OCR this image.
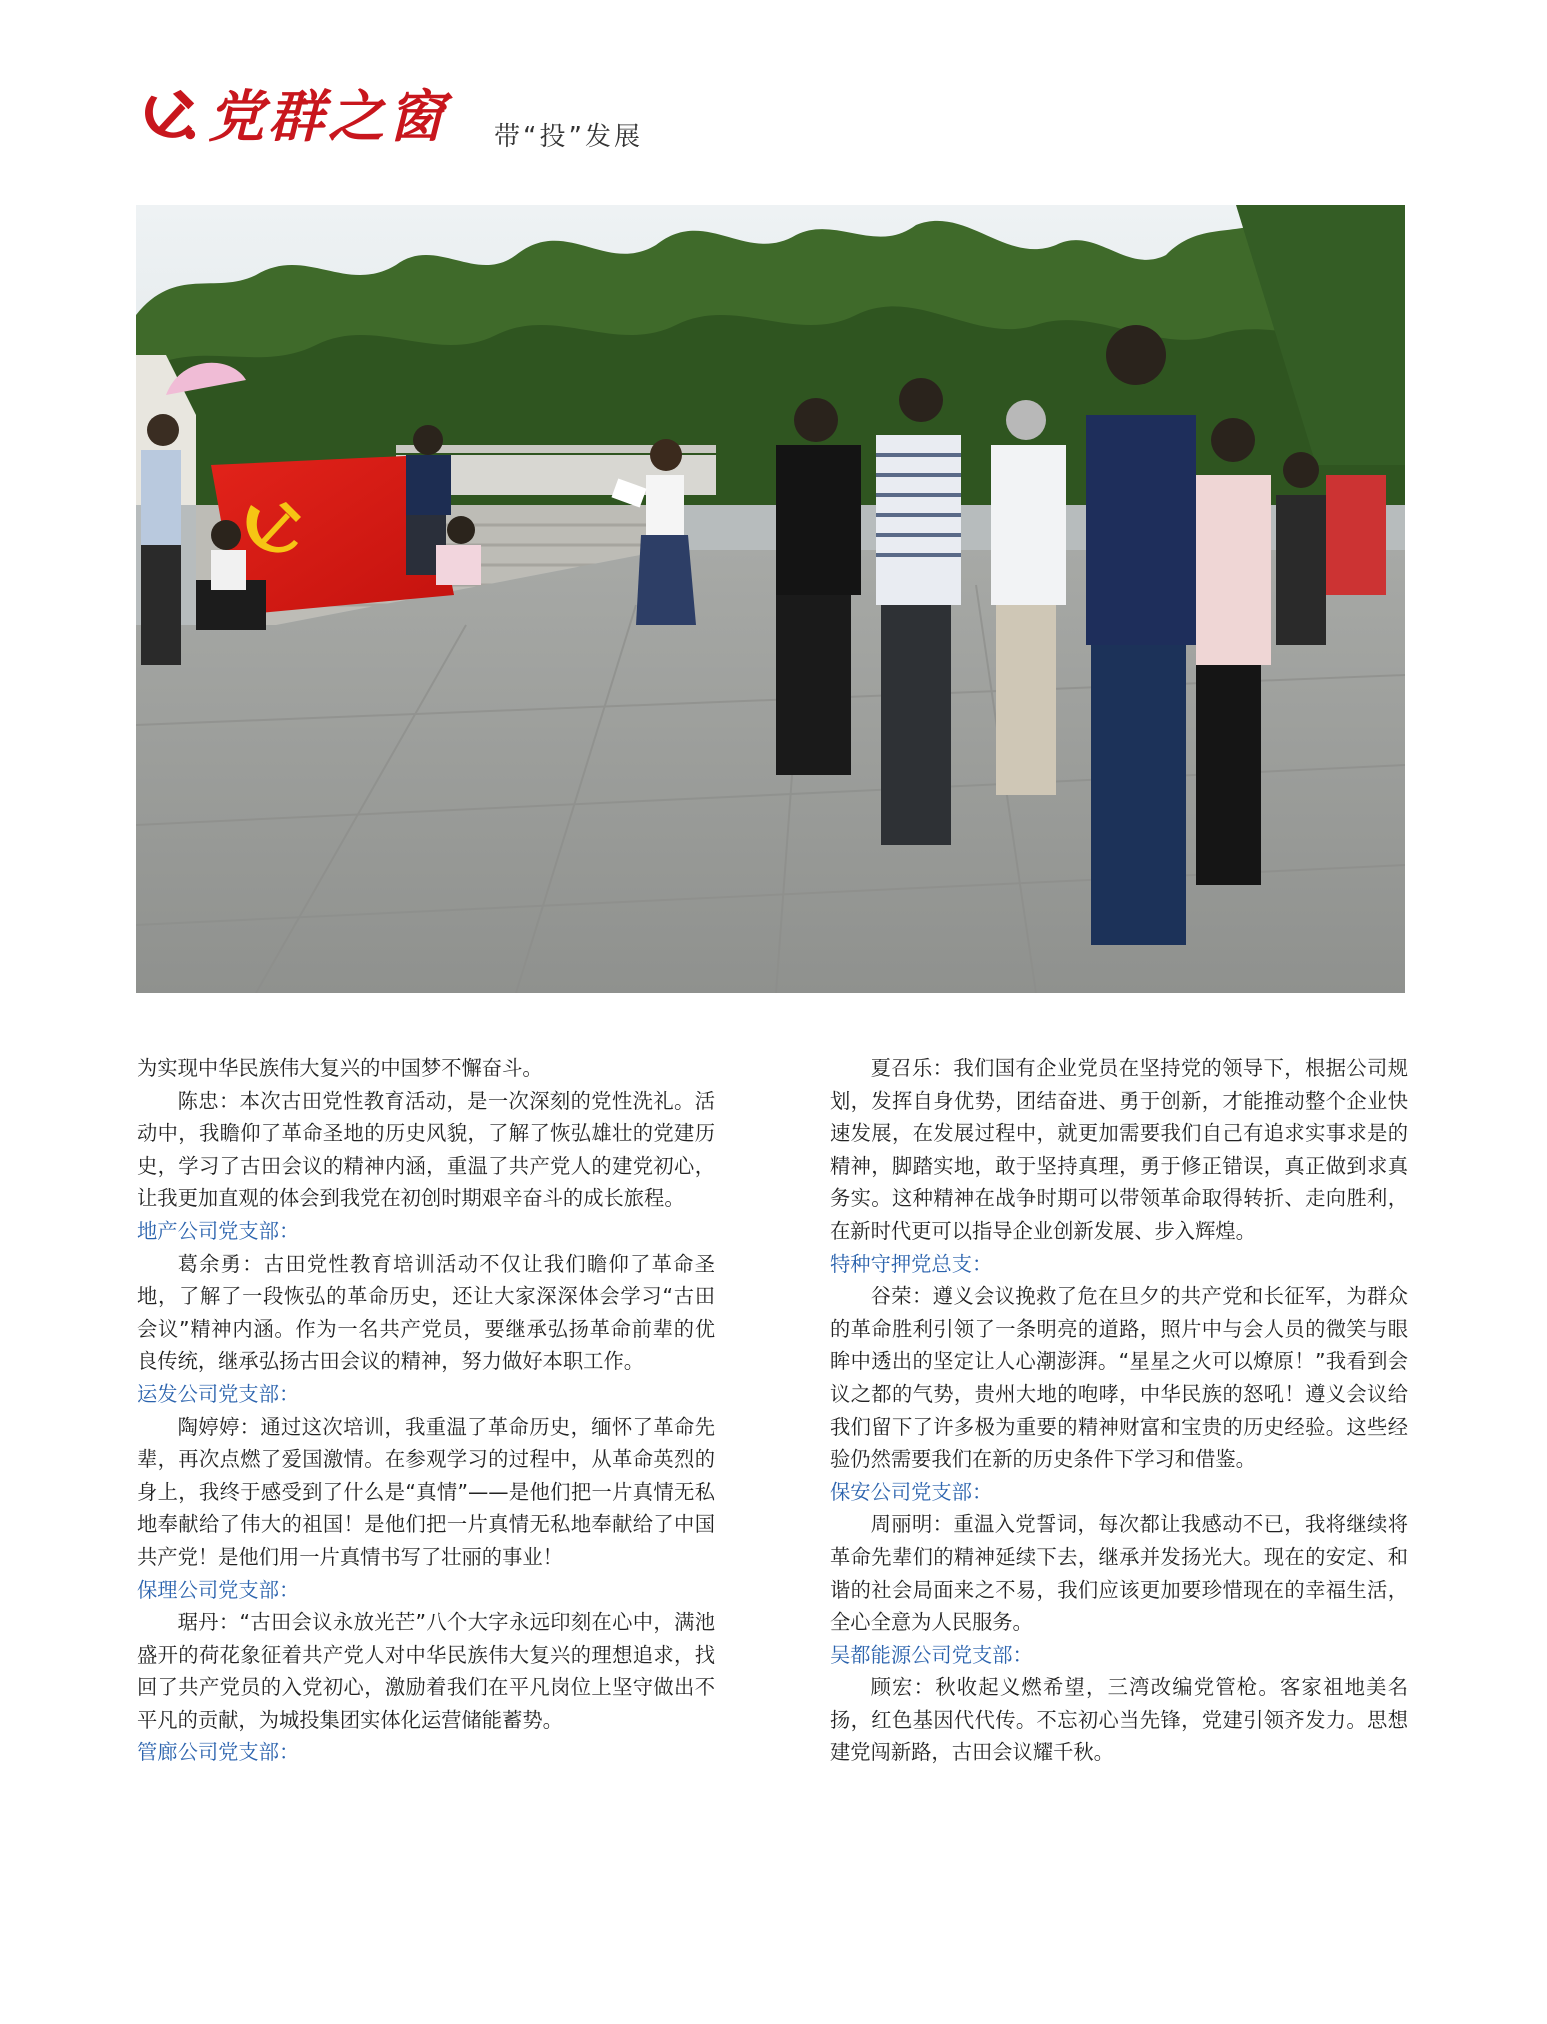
党群之窗 带“投”发展

为实现中华民族伟大复兴的中国梦不懈奋斗。

陈忠：本次古田党性教育活动，是一次深刻的党性洗礼。活动中，我瞻仰了革命圣地的历史风貌，了解了恢弘雄壮的党建历史，学习了古田会议的精神内涵，重温了共产党人的建党初心，让我更加直观的体会到我党在初创时期艰辛奋斗的成长旅程。

地产公司党支部：

葛余勇：古田党性教育培训活动不仅让我们瞻仰了革命圣地，了解了一段恢弘的革命历史，还让大家深深体会学习“古田会议”精神内涵。作为一名共产党员，要继承弘扬革命前辈的优良传统，继承弘扬古田会议的精神，努力做好本职工作。

运发公司党支部：

陶婷婷：通过这次培训，我重温了革命历史，缅怀了革命先辈，再次点燃了爱国激情。在参观学习的过程中，从革命英烈的身上，我终于感受到了什么是“真情”——是他们把一片真情无私地奉献给了伟大的祖国！是他们把一片真情无私地奉献给了中国共产党！是他们用一片真情书写了壮丽的事业！

保理公司党支部：

琚丹：“古田会议永放光芒”八个大字永远印刻在心中，满池盛开的荷花象征着共产党人对中华民族伟大复兴的理想追求，找回了共产党员的入党初心，激励着我们在平凡岗位上坚守做出不平凡的贡献，为城投集团实体化运营储能蓄势。

管廊公司党支部：

夏召乐：我们国有企业党员在坚持党的领导下，根据公司规划，发挥自身优势，团结奋进、勇于创新，才能推动整个企业快速发展，在发展过程中，就更加需要我们自己有追求实事求是的精神，脚踏实地，敢于坚持真理，勇于修正错误，真正做到求真务实。这种精神在战争时期可以带领革命取得转折、走向胜利，在新时代更可以指导企业创新发展、步入辉煌。

特种守押党总支：

谷荣：遵义会议挽救了危在旦夕的共产党和长征军，为群众的革命胜利引领了一条明亮的道路，照片中与会人员的微笑与眼眸中透出的坚定让人心潮澎湃。“星星之火可以燎原！”我看到会议之都的气势，贵州大地的咆哮，中华民族的怒吼！遵义会议给我们留下了许多极为重要的精神财富和宝贵的历史经验。这些经验仍然需要我们在新的历史条件下学习和借鉴。

保安公司党支部：

周丽明：重温入党誓词，每次都让我感动不已，我将继续将革命先辈们的精神延续下去，继承并发扬光大。现在的安定、和谐的社会局面来之不易，我们应该更加要珍惜现在的幸福生活，全心全意为人民服务。

吴都能源公司党支部：

顾宏：秋收起义燃希望，三湾改编党管枪。客家祖地美名扬，红色基因代代传。不忘初心当先锋，党建引领齐发力。思想建党闯新路，古田会议耀千秋。
